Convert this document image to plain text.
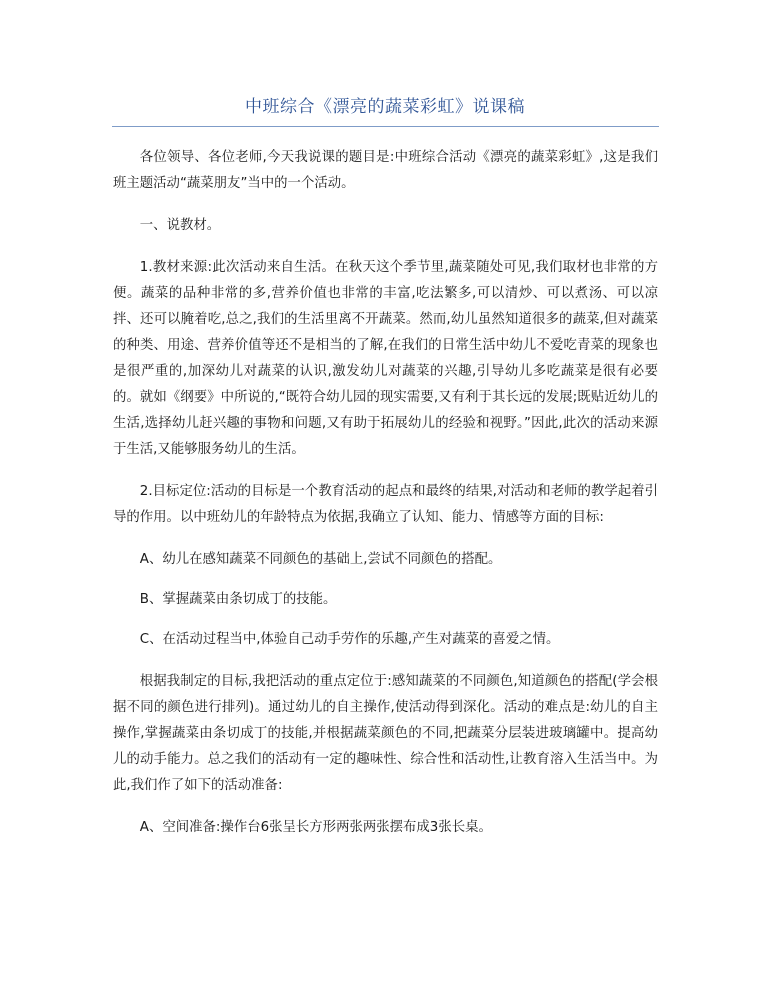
中班综合《漂亮的蔬菜彩虹》说课稿

各位领导、各位老师,今天我说课的题目是:中班综合活动《漂亮的蔬菜彩虹》,这是我们班主题活动“蔬菜朋友”当中的一个活动。

一、说教材。

1.教材来源:此次活动来自生活。在秋天这个季节里,蔬菜随处可见,我们取材也非常的方便。蔬菜的品种非常的多,营养价值也非常的丰富,吃法繁多,可以清炒、可以煮汤、可以凉拌、还可以腌着吃,总之,我们的生活里离不开蔬菜。然而,幼儿虽然知道很多的蔬菜,但对蔬菜的种类、用途、营养价值等还不是相当的了解,在我们的日常生活中幼儿不爱吃青菜的现象也是很严重的,加深幼儿对蔬菜的认识,激发幼儿对蔬菜的兴趣,引导幼儿多吃蔬菜是很有必要的。就如《纲要》中所说的,“既符合幼儿园的现实需要,又有利于其长远的发展;既贴近幼儿的生活,选择幼儿赶兴趣的事物和问题,又有助于拓展幼儿的经验和视野。”因此,此次的活动来源于生活,又能够服务幼儿的生活。

2.目标定位:活动的目标是一个教育活动的起点和最终的结果,对活动和老师的教学起着引导的作用。以中班幼儿的年龄特点为依据,我确立了认知、能力、情感等方面的目标:

A、幼儿在感知蔬菜不同颜色的基础上,尝试不同颜色的搭配。

B、掌握蔬菜由条切成丁的技能。

C、在活动过程当中,体验自己动手劳作的乐趣,产生对蔬菜的喜爱之情。

根据我制定的目标,我把活动的重点定位于:感知蔬菜的不同颜色,知道颜色的搭配(学会根据不同的颜色进行排列)。通过幼儿的自主操作,使活动得到深化。活动的难点是:幼儿的自主操作,掌握蔬菜由条切成丁的技能,并根据蔬菜颜色的不同,把蔬菜分层装进玻璃罐中。提高幼儿的动手能力。总之我们的活动有一定的趣味性、综合性和活动性,让教育溶入生活当中。为此,我们作了如下的活动准备:

A、空间准备:操作台6张呈长方形两张两张摆布成3张长桌。
